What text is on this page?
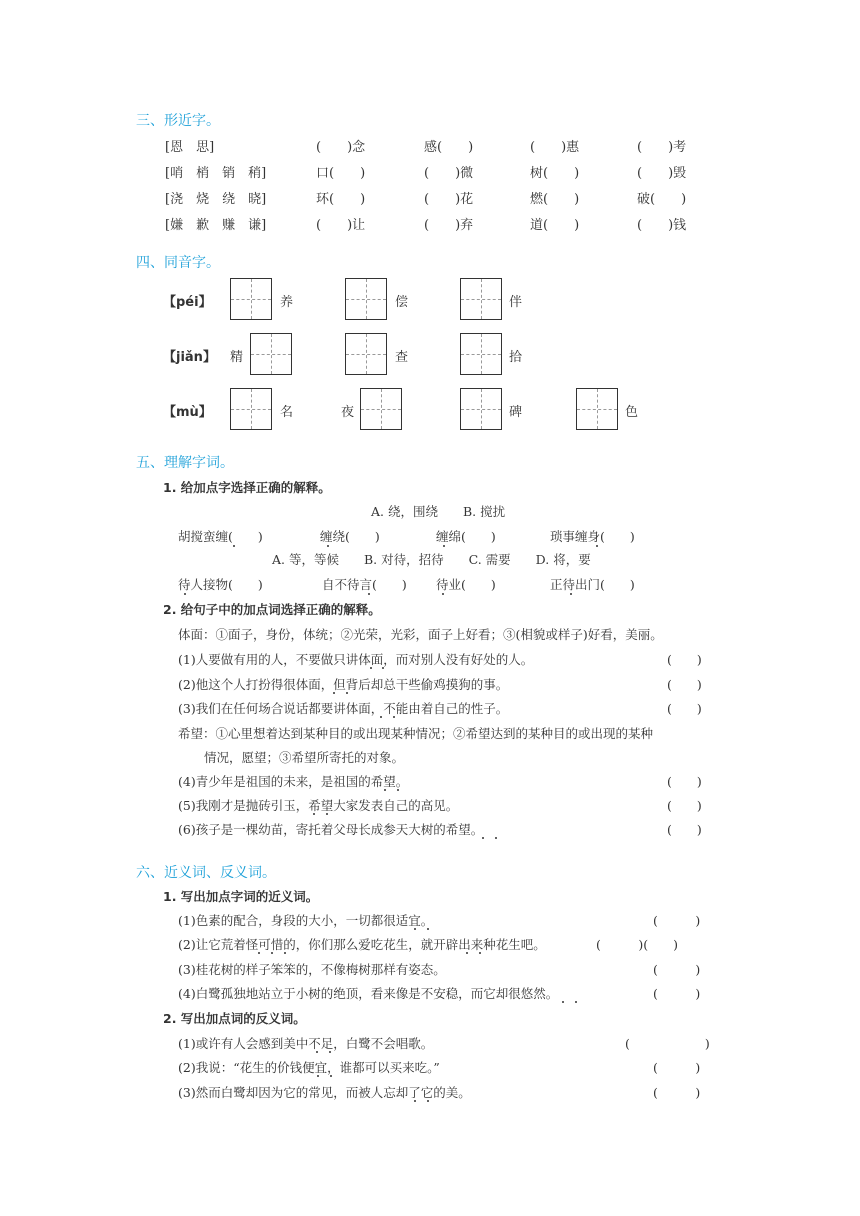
三、形近字。
[恩　思]	(　　)念	感(　　)	(　　)惠	(　　)考
[哨　梢　销　稍]	口(　　)	(　　)微	树(　　)	(　　)毁
[浇　烧　绕　晓]	环(　　)	(　　)花	燃(　　)	破(　　)
[嫌　歉　赚　谦]	(　　)让	(　　)弃	道(　　)	(　　)钱
四、同音字。
【péi】	养	偿	伴
【jiǎn】 精	查	拾
【mù】	名	夜	碑	色
五、理解字词。
1. 给加点字选择正确的解释。
A. 绕，围绕　　B. 搅扰
胡搅蛮缠(　　)	缠绕(　　)	缠绵(　　)	琐事缠身(　　)
A. 等，等候　　B. 对待，招待　　C. 需要　　D. 将，要
待人接物(　　)	自不待言(　　) 待业(　　)	正待出门(　　)
2. 给句子中的加点词选择正确的解释。
体面：①面子，身份，体统；②光荣，光彩，面子上好看；③(相貌或样子)好看，美丽。
(1)人要做有用的人，不要做只讲体面，而对别人没有好处的人。	(　　)
(2)他这个人打扮得很体面，但背后却总干些偷鸡摸狗的事。	(　　)
(3)我们在任何场合说话都要讲体面，不能由着自己的性子。	(　　)
希望：①心里想着达到某种目的或出现某种情况；②希望达到的某种目的或出现的某种
情况，愿望；③希望所寄托的对象。
(4)青少年是祖国的未来，是祖国的希望。	(　　)
(5)我刚才是抛砖引玉，希望大家发表自己的高见。	(　　)
(6)孩子是一棵幼苗，寄托着父母长成参天大树的希望。	(　　)
六、近义词、反义词。
1. 写出加点字词的近义词。
(1)色素的配合，身段的大小，一切都很适宜。	(　　　)
(2)让它荒着怪可惜的，你们那么爱吃花生，就开辟出来种花生吧。	(　　　)(　　)
(3)桂花树的样子笨笨的，不像梅树那样有姿态。	(　　　)
(4)白鹭孤独地站立于小树的绝顶，看来像是不安稳，而它却很悠然。	(　　　)
2. 写出加点词的反义词。
(1)或许有人会感到美中不足，白鹭不会唱歌。	(　　　　　　)
(2)我说：“花生的价钱便宜，谁都可以买来吃。”	(　　　)
(3)然而白鹭却因为它的常见，而被人忘却了它的美。	(　　　)
